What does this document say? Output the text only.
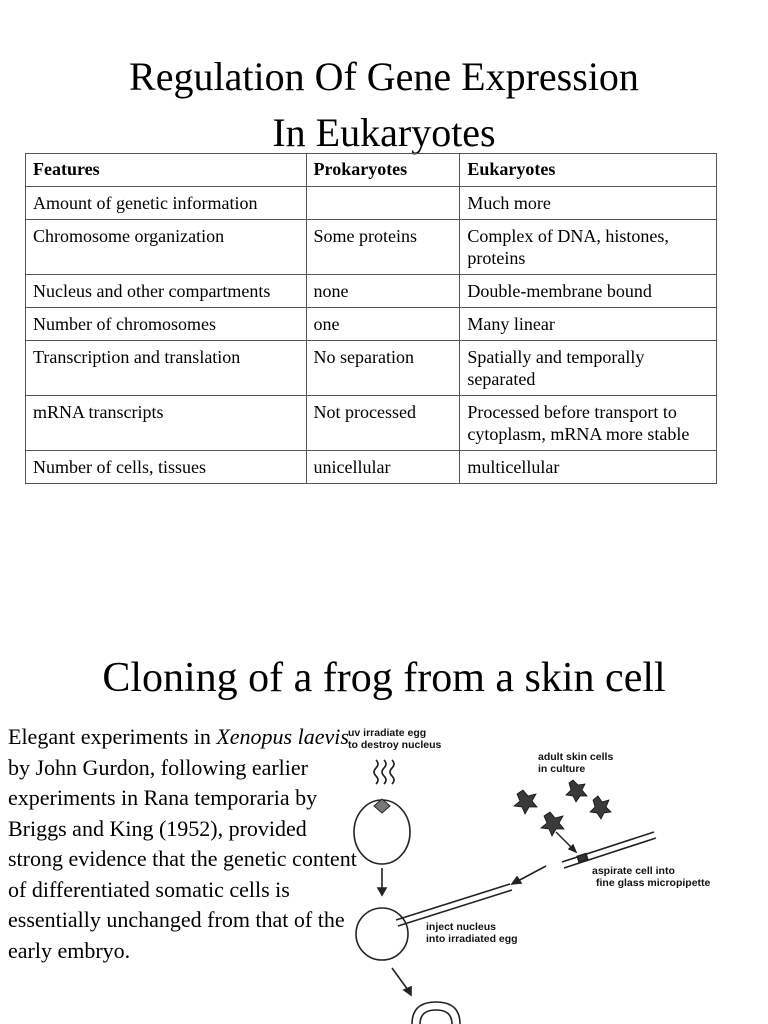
Regulation Of Gene Expression
In Eukaryotes
Features	Prokaryotes	Eukaryotes
Amount of genetic information		Much more
Chromosome organization	Some proteins	Complex of DNA, histones, proteins
Nucleus and other compartments	none	Double-membrane bound
Number of chromosomes	one	Many linear
Transcription and translation	No separation	Spatially and temporally separated
mRNA transcripts	Not processed	Processed before transport to cytoplasm, mRNA more stable
Number of cells, tissues	unicellular	multicellular
Cloning of a frog from a skin cell
Elegant experiments in Xenopus laevis by John Gurdon, following earlier experiments in Rana temporaria by Briggs and King (1952), provided strong evidence that the genetic content of differentiated somatic cells is essentially unchanged from that of the early embryo.
uv irradiate egg
to destroy nucleus
adult skin cells
in culture
aspirate cell into
fine glass micropipette
inject nucleus
into irradiated egg
